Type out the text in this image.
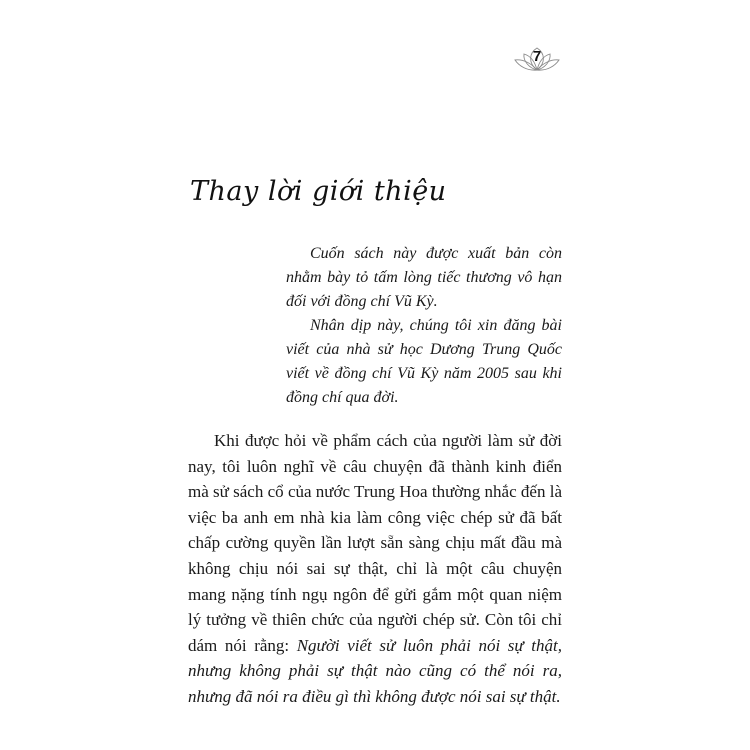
7
Thay lời giới thiệu

Cuốn sách này được xuất bản còn nhằm bày tỏ tấm lòng tiếc thương vô hạn đối với đồng chí Vũ Kỳ.

Nhân dịp này, chúng tôi xin đăng bài viết của nhà sử học Dương Trung Quốc viết về đồng chí Vũ Kỳ năm 2005 sau khi đồng chí qua đời.

Khi được hỏi về phẩm cách của người làm sử đời nay, tôi luôn nghĩ về câu chuyện đã thành kinh điển mà sử sách cổ của nước Trung Hoa thường nhắc đến là việc ba anh em nhà kia làm công việc chép sử đã bất chấp cường quyền lần lượt sẵn sàng chịu mất đầu mà không chịu nói sai sự thật, chỉ là một câu chuyện mang nặng tính ngụ ngôn để gửi gắm một quan niệm lý tưởng về thiên chức của người chép sử. Còn tôi chỉ dám nói rằng: Người viết sử luôn phải nói sự thật, nhưng không phải sự thật nào cũng có thể nói ra, nhưng đã nói ra điều gì thì không được nói sai sự thật.
